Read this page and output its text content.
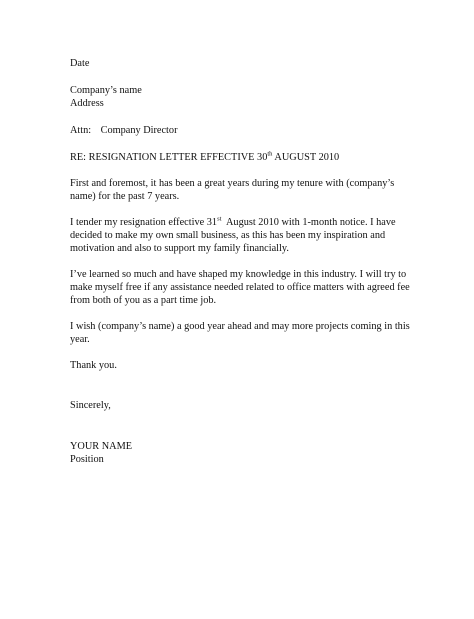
Date

Company’s name

Address

Attn: Company Director

RE: RESIGNATION LETTER EFFECTIVE 30th AUGUST 2010

First and foremost, it has been a great years during my tenure with (company’s
name) for the past 7 years.
I tender my resignation effective 31st  August 2010 with 1-month notice. I have
decided to make my own small business, as this has been my inspiration and
motivation and also to support my family financially.
I’ve learned so much and have shaped my knowledge in this industry. I will try to
make myself free if any assistance needed related to office matters with agreed fee
from both of you as a part time job.
I wish (company’s name) a good year ahead and may more projects coming in this
year.

Thank you.

Sincerely,

YOUR NAME

Position
